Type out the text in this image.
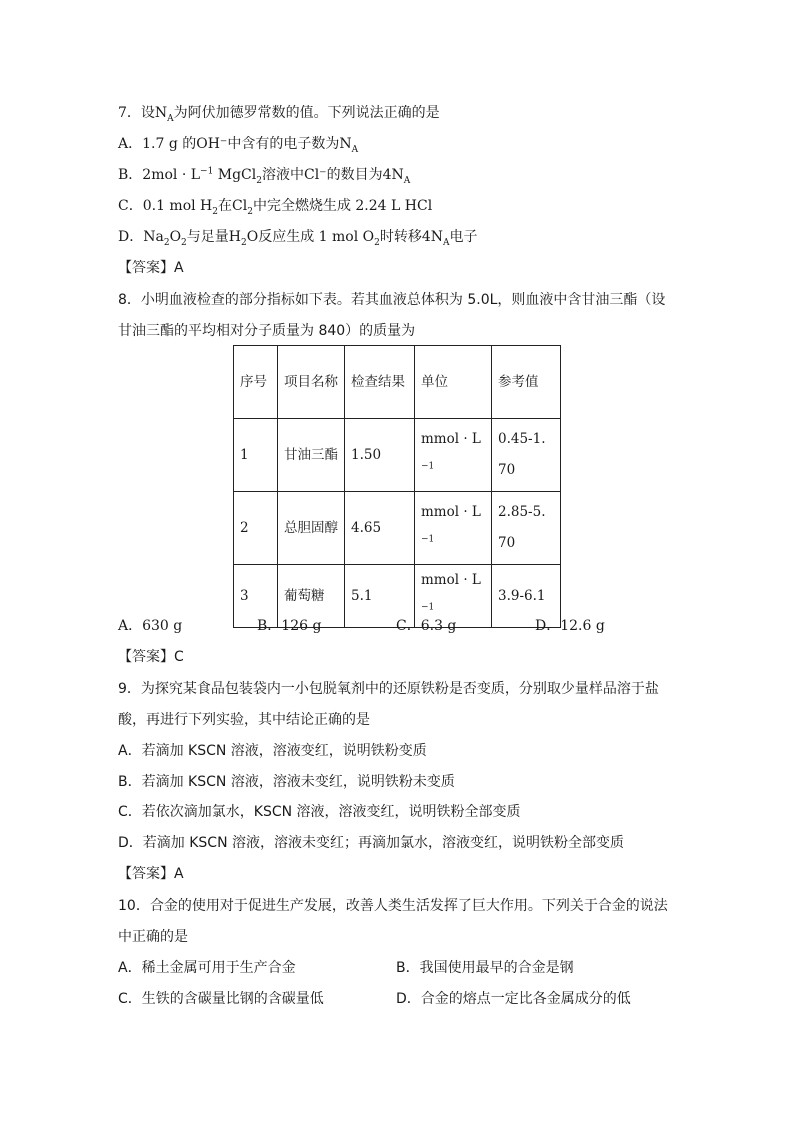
7．设$N_A$为阿伏加德罗常数的值。下列说法正确的是
A．1.7 g 的OH⁻中含有的电子数为$N_A$
B．$2mol \cdot L^{-1}$ MgCl$_2$溶液中Cl⁻的数目为$4N_A$
C．0.1 mol $H_2$在$Cl_2$中完全燃烧生成 2.24 L HCl
D．$Na_2O_2$与足量$H_2O$反应生成 1 mol $O_2$时转移$4N_A$电子
【答案】A
8．小明血液检查的部分指标如下表。若其血液总体积为 5.0L，则血液中含甘油三酯（设
甘油三酯的平均相对分子质量为 840）的质量为
序号	项目名称	检查结果	单位	参考值
1	甘油三酯	1.50	mmol · $L^{-1}$	0.45-1.70
2	总胆固醇	4.65	mmol · $L^{-1}$	2.85-5.70
3	葡萄糖	5.1	mmol · $L^{-1}$	3.9-6.1
A．630 g	B．126 g	C．6.3 g	D．12.6 g
【答案】C
9．为探究某食品包装袋内一小包脱氧剂中的还原铁粉是否变质，分别取少量样品溶于盐
酸，再进行下列实验，其中结论正确的是
A．若滴加 KSCN 溶液，溶液变红，说明铁粉变质
B．若滴加 KSCN 溶液，溶液未变红，说明铁粉未变质
C．若依次滴加氯水，KSCN 溶液，溶液变红，说明铁粉全部变质
D．若滴加 KSCN 溶液，溶液未变红；再滴加氯水，溶液变红，说明铁粉全部变质
【答案】A
10．合金的使用对于促进生产发展，改善人类生活发挥了巨大作用。下列关于合金的说法
中正确的是
A．稀土金属可用于生产合金	B．我国使用最早的合金是钢
C．生铁的含碳量比钢的含碳量低	D．合金的熔点一定比各金属成分的低
